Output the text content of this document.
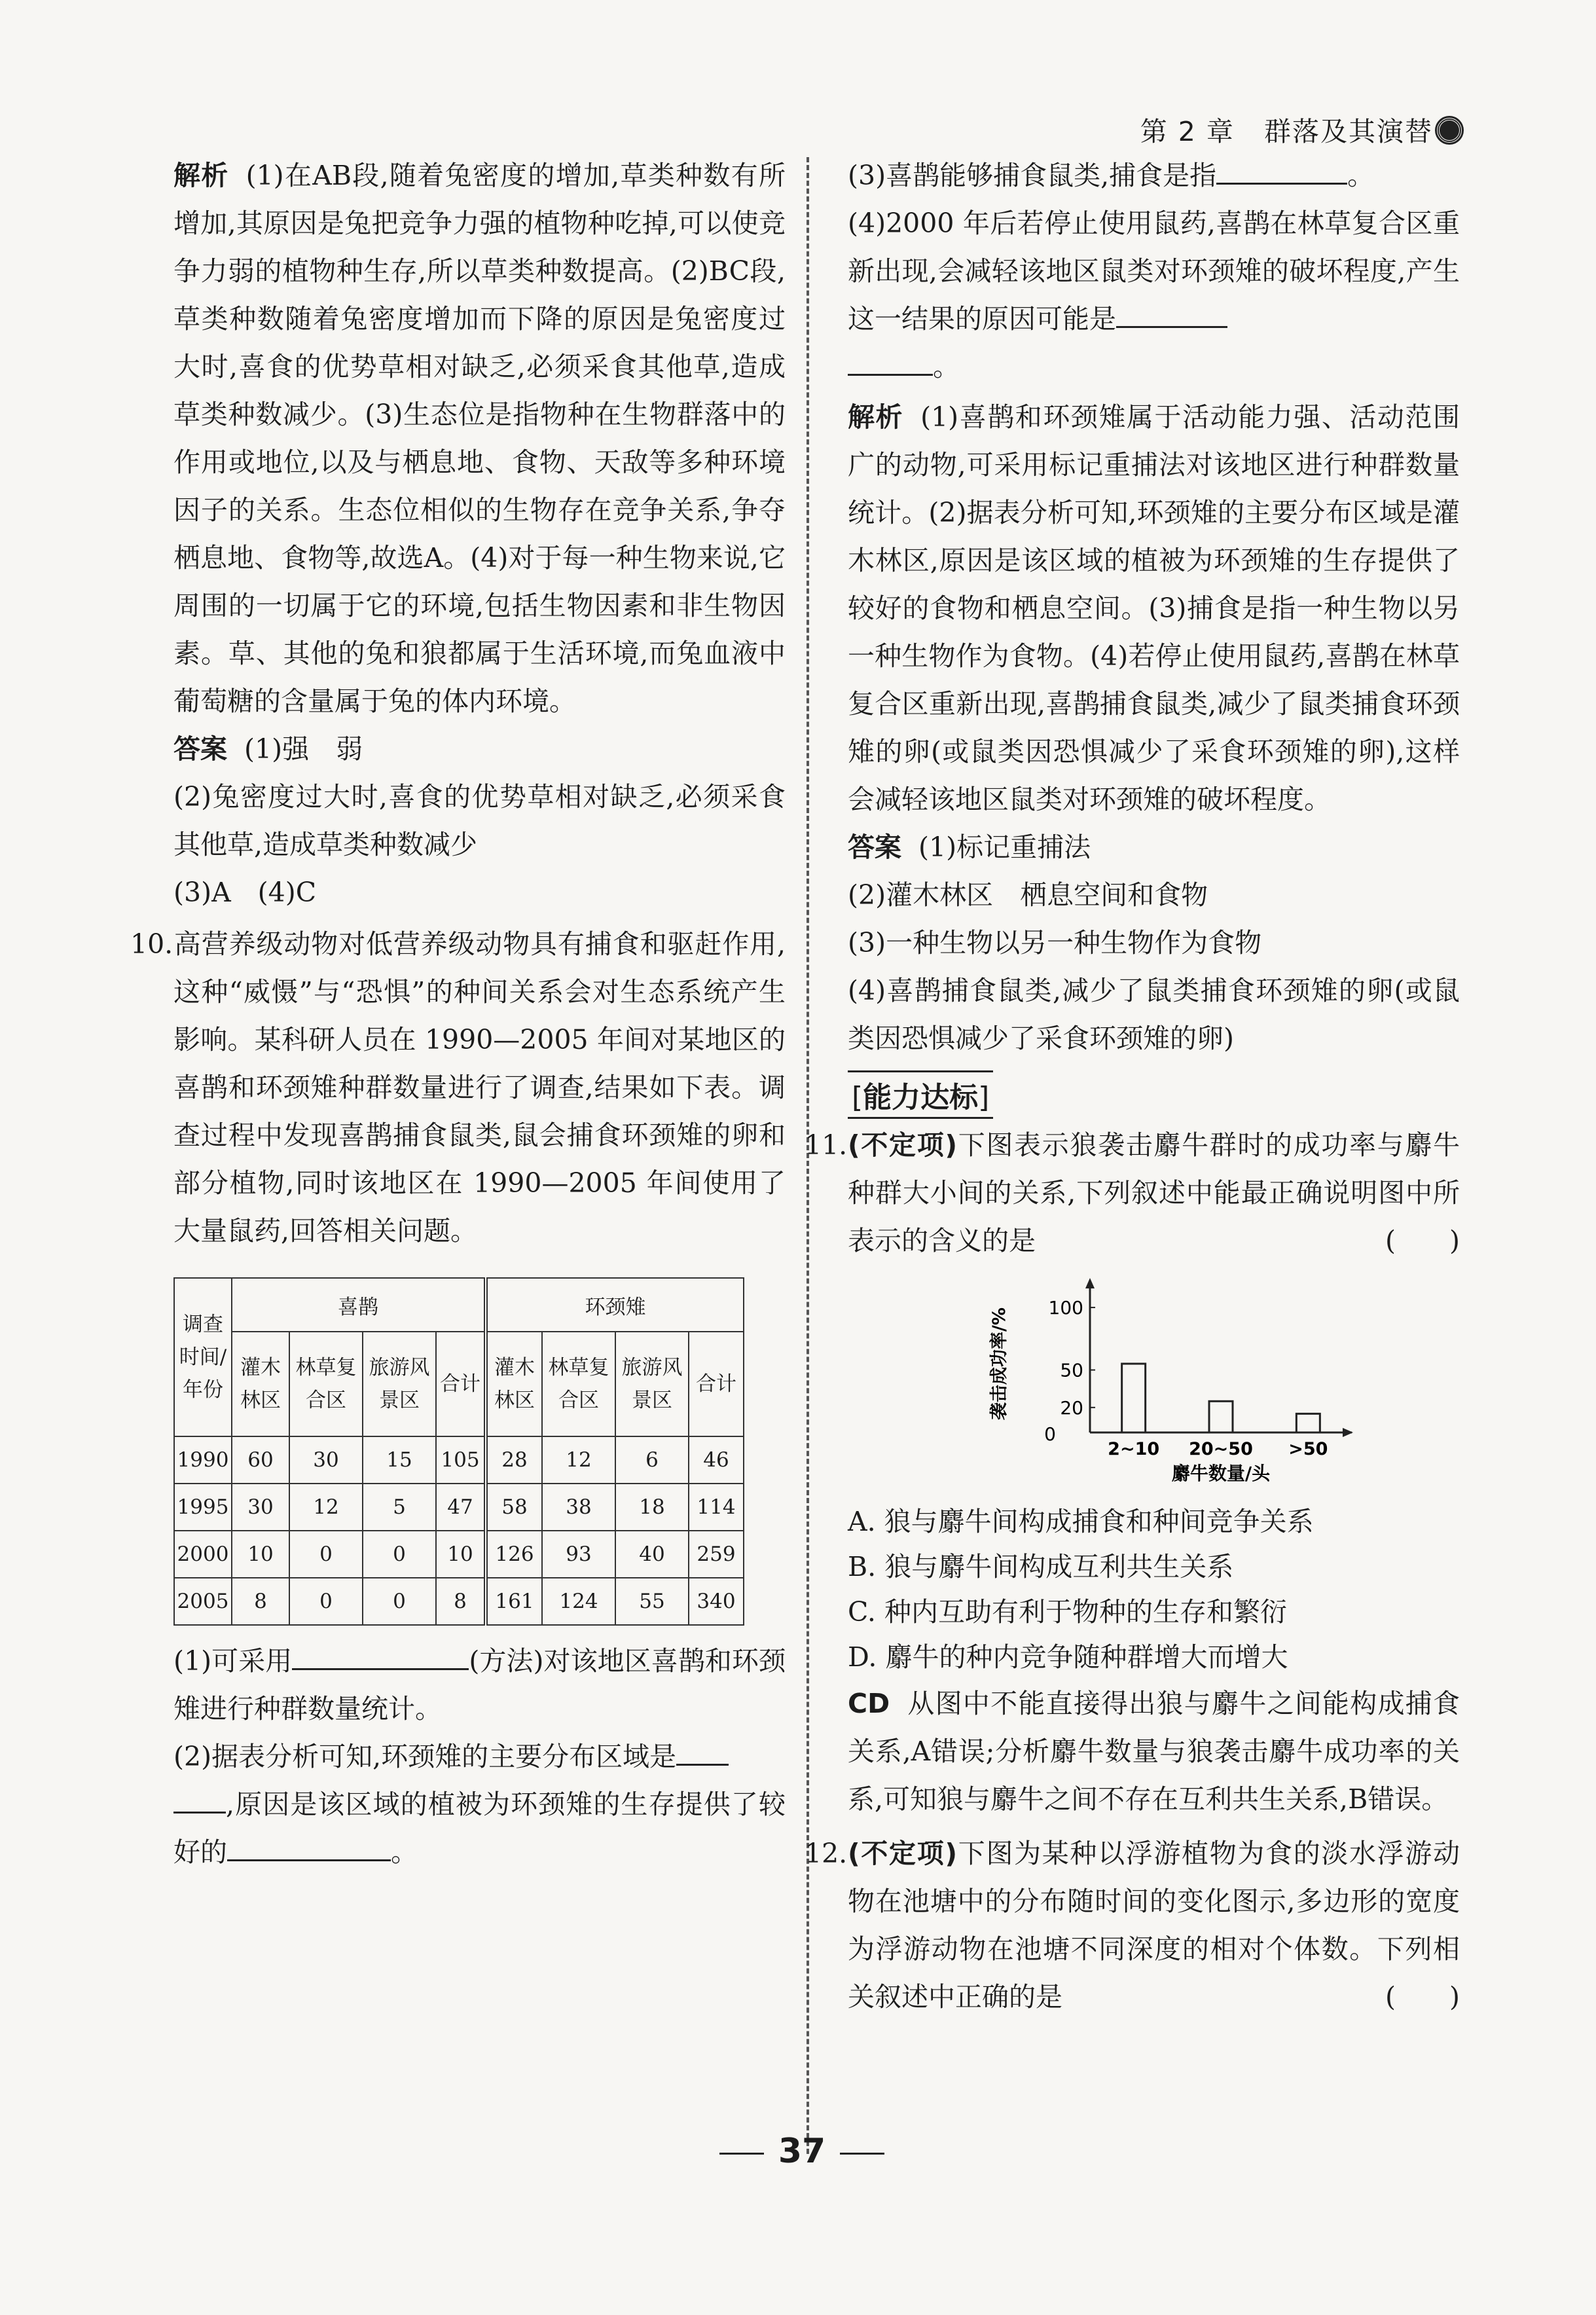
第 2 章 群落及其演替

解析 (1)在AB段,随着兔密度的增加,草类种数有所增加,其原因是兔把竞争力强的植物种吃掉,可以使竞争力弱的植物种生存,所以草类种数提高。(2)BC段,草类种数随着兔密度增加而下降的原因是兔密度过大时,喜食的优势草相对缺乏,必须采食其他草,造成草类种数减少。(3)生态位是指物种在生物群落中的作用或地位,以及与栖息地、食物、天敌等多种环境因子的关系。生态位相似的生物存在竞争关系,争夺栖息地、食物等,故选A。(4)对于每一种生物来说,它周围的一切属于它的环境,包括生物因素和非生物因素。草、其他的兔和狼都属于生活环境,而兔血液中葡萄糖的含量属于兔的体内环境。

答案 (1)强　弱

(2)兔密度过大时,喜食的优势草相对缺乏,必须采食其他草,造成草类种数减少

(3)A　(4)C

10.高营养级动物对低营养级动物具有捕食和驱赶作用,这种“威慑”与“恐惧”的种间关系会对生态系统产生影响。某科研人员在 1990—2005 年间对某地区的喜鹊和环颈雉种群数量进行了调查,结果如下表。调查过程中发现喜鹊捕食鼠类,鼠会捕食环颈雉的卵和部分植物,同时该地区在 1990—2005 年间使用了大量鼠药,回答相关问题。

调查时间/年份	喜鹊				环颈雉			
	灌木林区	林草复合区	旅游风景区	合计	灌木林区	林草复合区	旅游风景区	合计
1990	60	30	15	105	28	12	6	46
1995	30	12	5	47	58	38	18	114
2000	10	0	0	10	126	93	40	259
2005	8	0	0	8	161	124	55	340

(1)可采用	(方法)对该地区喜鹊和环颈雉进行种群数量统计。

(2)据表分析可知,环颈雉的主要分布区域是
,原因是该区域的植被为环颈雉的生存提供了较好的	。

(3)喜鹊能够捕食鼠类,捕食是指	。

(4)2000 年后若停止使用鼠药,喜鹊在林草复合区重新出现,会减轻该地区鼠类对环颈雉的破坏程度,产生这一结果的原因可能是
。

解析 (1)喜鹊和环颈雉属于活动能力强、活动范围广的动物,可采用标记重捕法对该地区进行种群数量统计。(2)据表分析可知,环颈雉的主要分布区域是灌木林区,原因是该区域的植被为环颈雉的生存提供了较好的食物和栖息空间。(3)捕食是指一种生物以另一种生物作为食物。(4)若停止使用鼠药,喜鹊在林草复合区重新出现,喜鹊捕食鼠类,减少了鼠类捕食环颈雉的卵(或鼠类因恐惧减少了采食环颈雉的卵),这样会减轻该地区鼠类对环颈雉的破坏程度。

答案 (1)标记重捕法

(2)灌木林区　栖息空间和食物

(3)一种生物以另一种生物作为食物

(4)喜鹊捕食鼠类,减少了鼠类捕食环颈雉的卵(或鼠类因恐惧减少了采食环颈雉的卵)

[能力达标]

11.(不定项)下图表示狼袭击麝牛群时的成功率与麝牛种群大小间的关系,下列叙述中能最正确说明图中所表示的含义的是	(　　)

0
20
50
100
袭击成功率/%
2~10 20~50 >50
麝牛数量/头

A. 狼与麝牛间构成捕食和种间竞争关系

B. 狼与麝牛间构成互利共生关系

C. 种内互助有利于物种的生存和繁衍

D. 麝牛的种内竞争随种群增大而增大

CD 从图中不能直接得出狼与麝牛之间能构成捕食关系,A错误;分析麝牛数量与狼袭击麝牛成功率的关系,可知狼与麝牛之间不存在互利共生关系,B错误。

12.(不定项)下图为某种以浮游植物为食的淡水浮游动物在池塘中的分布随时间的变化图示,多边形的宽度为浮游动物在池塘不同深度的相对个体数。下列相关叙述中正确的是	(　　)

37
